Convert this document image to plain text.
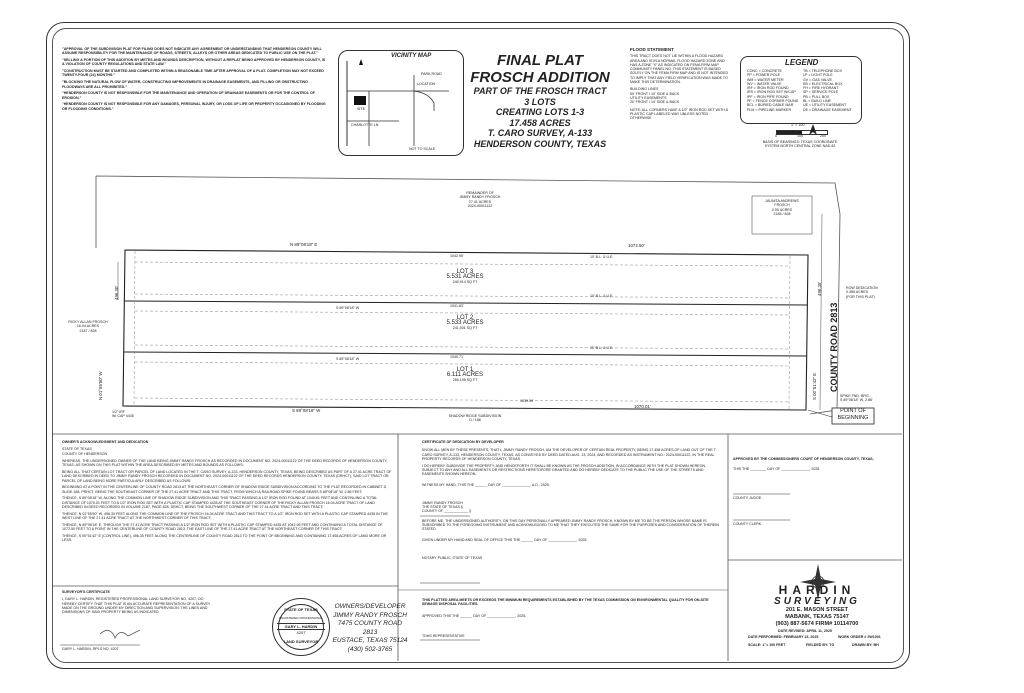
"APPROVAL OF THE SUBDIVISION PLAT FOR FILING DOES NOT INDICATE ANY AGREEMENT OR UNDERSTANDING THAT HENDERSON COUNTY WILL ASSUME RESPONSIBILITY FOR THE MAINTENANCE OF ROADS, STREETS, ALLEYS OR OTHER AREAS DEDICATED TO PUBLIC USE ON THE PLAT."

"SELLING A PORTION OF THIS ADDITION BY METES AND BOUNDS DESCRIPTION, WITHOUT A REPLAT BEING APPROVED BY HENDERSON COUNTY, IS A VIOLATION OF COUNTY REGULATIONS AND STATE LAW."

"CONSTRUCTION MUST BE STARTED AND COMPLETED WITHIN A REASONABLE TIME AFTER APPROVAL OF A PLAT. COMPLETION MAY NOT EXCEED TWENTY-FOUR (24) MONTHS."

"BLOCKING THE NATURAL FLOW OF WATER, CONSTRUCTING IMPROVEMENTS IN DRAINAGE EASEMENTS, AND FILLING OR OBSTRUCTING FLOODWAYS ARE ALL PROHIBITED."

"HENDERSON COUNTY IS NOT RESPONSIBLE FOR THE MAINTENANCE AND OPERATION OF DRAINAGE EASEMENTS OR FOR THE CONTROL OF EROSION."

"HENDERSON COUNTY IS NOT RESPONSIBLE FOR ANY DAMAGES, PERSONAL INJURY, OR LOSS OF LIFE OR PROPERTY OCCASIONED BY FLOODING OR FLOODING CONDITIONS."

VICINITY MAP
PARK ROAD
LOCATION
SITE
CHARLOTTE LN
NOT TO SCALE
FINAL PLAT
FROSCH ADDITION
PART OF THE FROSCH TRACT
3 LOTS
CREATING LOTS 1-3
17.458 ACRES
T. CARO SURVEY, A-133
HENDERSON COUNTY, TEXAS
FLOOD STATEMENT
THIS TRACT DOES NOT LIE WITHIN A FLOOD HAZARD AREA AND IS IN A NORMAL FLOOD HAZARD ZONE AND HAS A ZONE "X" AS INDICATED ON FEMA FIRM MAP COMMUNITY PANEL NO. THIS STATEMENT IS BASED SOLELY ON THE FEMA FIRM MAP AND IS NOT INTENDED TO IMPLY THAT ANY FIELD VERIFICATION WAS MADE TO MAKE THIS DETERMINATION.
BUILDING LINES
50' FRONT / 10' SIDE & BACK
UTILITY EASEMENTS
20' FRONT / 10' SIDE & BACK
NOTE: ALL CORNERS HAVE A 1/2" IRON ROD SET WITH A PLASTIC CAP LABELED WAY UNLESS NOTED OTHERWISE
LEGEND
CONC = CONCRETE
PP = POWER POLE
WM = WATER METER
WV = WATER VALVE
IRF = IRON ROD FOUND
IRS = IRON ROD SET W/CAP
IPF = IRON PIPE FOUND
PF = FENCE CORNER FOUND
BCL = BURIED CABLE MAR
PLM = PIPELINE MARKER
TB = TELEPHONE BOX
LP = LIGHT POLE
GV = GAS VALVE
EB = ELECTRICAL BOX
FH = FIRE HYDRANT
SP = SERVICE POLE
PB = PULL BOX
BL = BUILD LINE
UE = UTILITY EASEMENT
DE = DRAINAGE EASEMENT
1" = 100'
0	100	200
BASIS OF BEARINGS: TEXAS COORDINATE
SYSTEM NORTH CENTRAL ZONE NAD 83
REMAINDER OF
JIMMY RANDY FROSCH
27.41 ACRES
2024-00011122
JAUNITA ANDREWS
FROSCH
0.55 ACRES
2185 / 828
RICKY ALLAN FROSCH
16.04 ACRES
2187 / 828
N 89°08'18" E	1072.50'
1042.95'
1041.83'
1040.71'
1039.59'
S 89°08'18" W
S 89°08'18" W
10' B.L. & U.E.
10' B.L. & U.E.
10' B.L. & U.E.
LOT 3
5.531 ACRES
240,914 SQ FT
LOT 2
5.533 ACRES
241,001 SQ FT
LOT 1
6.111 ACRES
266,195 SQ FT
S 89°08'18" W
1070.01'
SHADOW RIDGE SUBDIVISION
D / 188
N 01°55'50" W
496.30'
S 00°51'42" E
496.35'
COUNTY ROAD 2813
ROW DEDICATION
0.385 ACRES
(FOR THIS PLAT)
SPIKE FND. BRG.
S 89°08'18" W, 2.86'
POINT OF
BEGINNING
1/2" IRF
W/ CAP 4435
OWNER'S ACKNOWLEDGMENT AND DEDICATION
STATE OF TEXAS
COUNTY OF HENDERSON

WHEREAS, THE UNDERSIGNED OWNER OF THE LAND BEING JIMMY RANDY FROSCH AS RECORDED IN DOCUMENT NO. 2024-00011122 OF THE DEED RECORDS OF HENDERSON COUNTY, TEXAS, AS SHOWN ON THIS PLAT WITHIN THE AREA DESCRIBED BY METES AND BOUNDS AS FOLLOWS;

BEING ALL THAT CERTAIN LOT TRACT OR PARCEL OF LAND LOCATED IN THE T. CARO SURVEY, A-133, HENDERSON COUNTY, TEXAS, BEING DESCRIBED AS PART OF A 27.41 ACRE TRACT OF LAND DESCRIBED IN DEED TO JIMMY RANDY FROSCH RECORDED IN DOCUMENT NO. 2024-00011122 OF THE DEED RECORDS HENDERSON COUNTY, TEXAS (DRHCT), SAID LOT TRACT OR PARCEL OF LAND BEING MORE PARTICULARLY DESCRIBED AS FOLLOWS:

BEGINNING AT A POINT IN THE CENTERLINE OF COUNTY ROAD 2813 AT THE NORTHEAST CORNER OF SHADOW RIDGE SUBDIVISION ACCORDING TO THE PLAT RECORDED IN CABINET D, SLIDE 188, PRHCT, BEING THE SOUTHEAST CORNER OF THE 27.41 ACRE TRACT AND THIS TRACT, FROM WHICH A RAILROAD SPIKE FOUND BEARS S 89°08'18" W, 2.86 FEET;

THENCE, S 89°08'18" W, ALONG THE COMMON LINE OF SHADOW RIDGE SUBDIVISION AND THIS TRACT PASSING A 1/2" IRON ROD FOUND AT 1040.61 FEET AND CONTINUING A TOTAL DISTANCE OF 1070.01 FEET TO A 1/2" IRON ROD SET WITH A PLASTIC CAP STAMPED 4435 AT THE SOUTHEAST CORNER OF THE RICKY ALLAN FROSCH 16.04 ACRE TRACT OF LAND DESCRIBED IN DEED RECORDED IN VOLUME 2187, PAGE 828, DRHCT, BEING THE SOUTHWEST CORNER OF THE 27.41 ACRE TRACT AND THIS TRACT;

THENCE, N 01°55'50" W, 496.30 FEET ALONG THE COMMON LINE OF THE FROSCH 16.04 ACRE TRACT AND THIS TRACT TO A 1/2" IRON ROD SET WITH A PLASTIC CAP STAMPED 4435 IN THE WEST LINE OF THE 27.41 ACRE TRACT AT THE NORTHWEST CORNER OF THIS TRACT;

THENCE, N 89°08'18" E, THROUGH THE 27.41 ACRE TRACT PASSING A 1/2" IRON ROD SET WITH A PLASTIC CAP STAMPED 4435 AT 1042.95 FEET AND CONTINUING A TOTAL DISTANCE OF 1072.50 FEET TO A POINT IN THE CENTERLINE OF COUNTY ROAD 2813, THE EAST LINE OF THE 27.41 ACRE TRACT AT THE NORTHEAST CORNER OF THIS TRACT;

THENCE, S 00°51'42" E (CONTROL LINE), 496.35 FEET ALONG THE CENTERLINE OF COUNTY ROAD 2813 TO THE POINT OF BEGINNING AND CONTAINING 17.458 ACRES OF LAND MORE OR LESS.

SURVEYOR'S CERTIFICATE
I, GARY L. HARDIN, REGISTERED PROFESSIONAL LAND SURVEYOR NO. 4207, DO HEREBY CERTIFY THAT THIS PLAT IS AN ACCURATE REPRESENTATION OF A SURVEY MADE ON THE GROUND UNDER MY DIRECTION AND SUPERVISION. THE LINES AND DIMENSIONS OF SAID PROPERTY BEING AS INDICATED.
GARY L. HARDIN, RPLS NO. 4207
STATE OF TEXAS
REGISTERED PROFESSIONAL
GARY L. HARDIN
4207
LAND SURVEYOR
OWNERS/DEVELOPER
JIMMY RANDY FROSCH
7475 COUNTY ROAD 2813
EUSTACE, TEXAS 75124
(430) 502-3765
CERTIFICATE OF DEDICATION BY DEVELOPER

KNOW ALL MEN BY THESE PRESENTS, THAT I, JIMMY RANDY FROSCH, AM THE DEVELOPER OF CERTAIN REAL PROPERTY, BEING 17.458 ACRES OF LAND OUT OF THE T. CARO SURVEY, A-133, HENDERSON COUNTY, TEXAS, AS CONVEYED BY DEED DATED AUG. 13, 2024, AND RECORDED AS INSTRUMENT NO.: 2024-00011122, IN THE REAL PROPERTY RECORDS OF HENDERSON COUNTY, TEXAS.

I DO HEREBY SUBDIVIDE THE PROPERTY, AND HENCEFORTH IT SHALL BE KNOWN AS THE FROSCH ADDITION, IN ACCORDANCE WITH THE PLAT SHOWN HEREON, SUBJECT TO ANY AND ALL EASEMENTS OR RESTRICTIONS HERETOFORE GRANTED AND DO HEREBY DEDICATE TO THE PUBLIC THE USE OF THE STREETS AND EASEMENTS SHOWN HEREON.

WITNESS MY HAND, THIS THE ______ DAY OF ______________, A.D., 2025.

JIMMY RANDY FROSCH
THE STATE OF TEXAS §
COUNTY OF ____________ §

BEFORE ME, THE UNDERSIGNED AUTHORITY, ON THIS DAY PERSONALLY APPEARED JIMMY RANDY FROSCH, KNOWN BY ME TO BE THE PERSON WHOSE NAME IS SUBSCRIBED TO THE FOREGOING INSTRUMENT AND ACKNOWLEDGED TO ME THAT THEY EXECUTED THE SAME FOR THE PURPOSES AND CONSIDERATION OF THEREIN STATED.

GIVEN UNDER MY HAND AND SEAL OF OFFICE THIS THE ______ DAY OF ______________, 2025.

NOTARY PUBLIC, STATE OF TEXAS
THIS PLATTED AREA MEETS OR EXCEEDS THE MINIMUM REQUIREMENTS ESTABLISHED BY THE TEXAS COMMISSION ON ENVIRONMENTAL QUALITY FOR ON-SITE SEWAGE DISPOSAL FACILITIES.
APPROVED THIS THE ______ DAY OF ______________, 2025.
TDHS REPRESENTATIVE
APPROVED BY THE COMMISSIONERS COURT OF HENDERSON COUNTY, TEXAS,
THIS THE ________ DAY OF ______________, 2025.
COUNTY JUDGE
COUNTY CLERK
HARDIN
SURVEYING
201 E. MASON STREET
MABANK, TEXAS 75147
(903) 887-5674 FIRM# 10114700
DATE REVISED: APRIL 11, 2025
DATE PERFORMED: FEBRUARY 13, 2025	WORK ORDER # 2W1001
SCALE: 1"= 100 FEET	FIELDED BY: TG	DRAWN BY: BH
